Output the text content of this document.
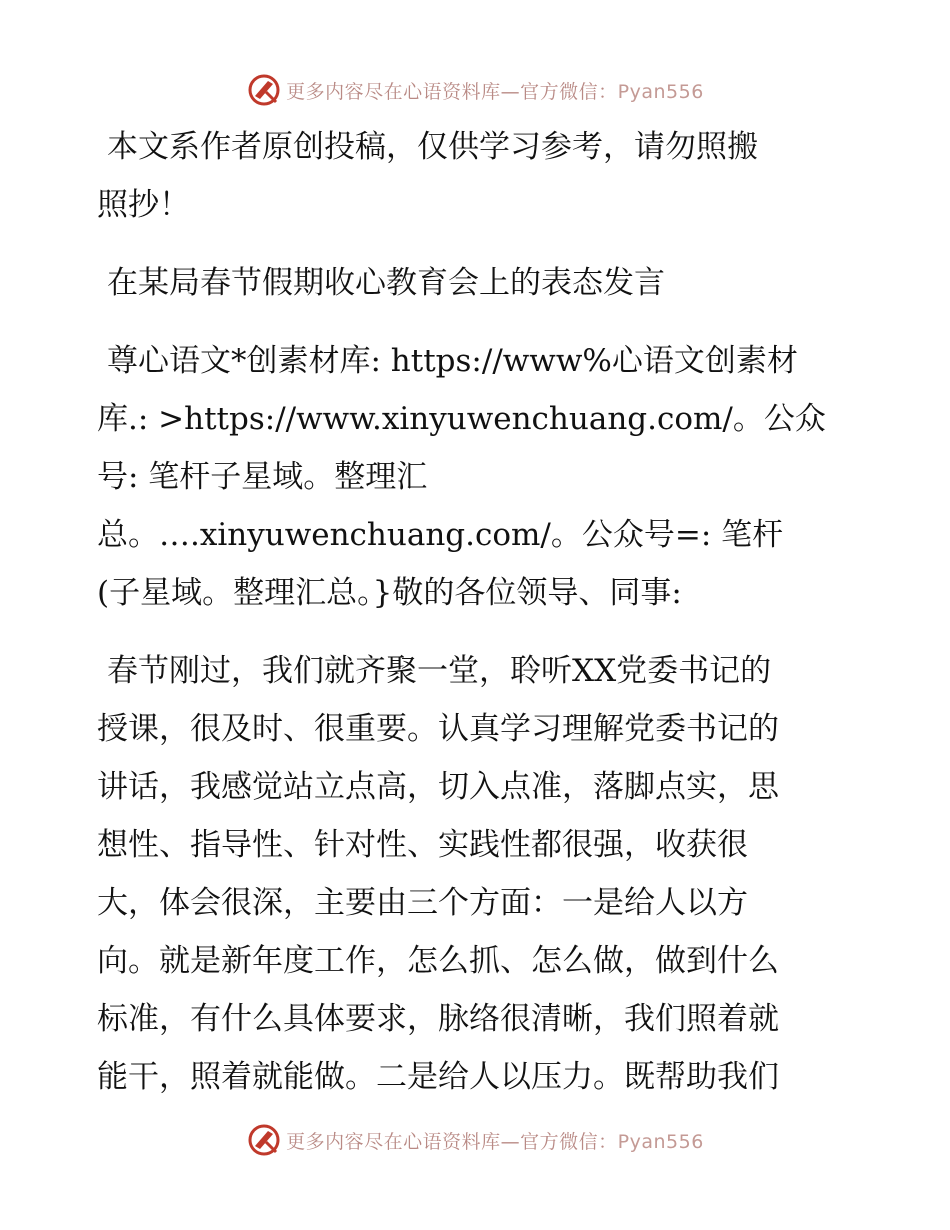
更多内容尽在心语资料库—官方微信：Pyan556

本文系作者原创投稿，仅供学习参考，请勿照搬

照抄！

在某局春节假期收心教育会上的表态发言

尊心语文*创素材库: https://www%心语文创素材

库.: >https://www.xinyuwenchuang.com/。公众

号: 笔杆子星域。整理汇

总。….xinyuwenchuang.com/。公众号=: 笔杆

(子星域。整理汇总。}敬的各位领导、同事:

春节刚过，我们就齐聚一堂，聆听XX党委书记的

授课，很及时、很重要。认真学习理解党委书记的

讲话，我感觉站立点高，切入点准，落脚点实，思

想性、指导性、针对性、实践性都很强，收获很

大，体会很深，主要由三个方面：一是给人以方

向。就是新年度工作，怎么抓、怎么做，做到什么

标准，有什么具体要求，脉络很清晰，我们照着就

能干，照着就能做。二是给人以压力。既帮助我们

更多内容尽在心语资料库—官方微信：Pyan556
